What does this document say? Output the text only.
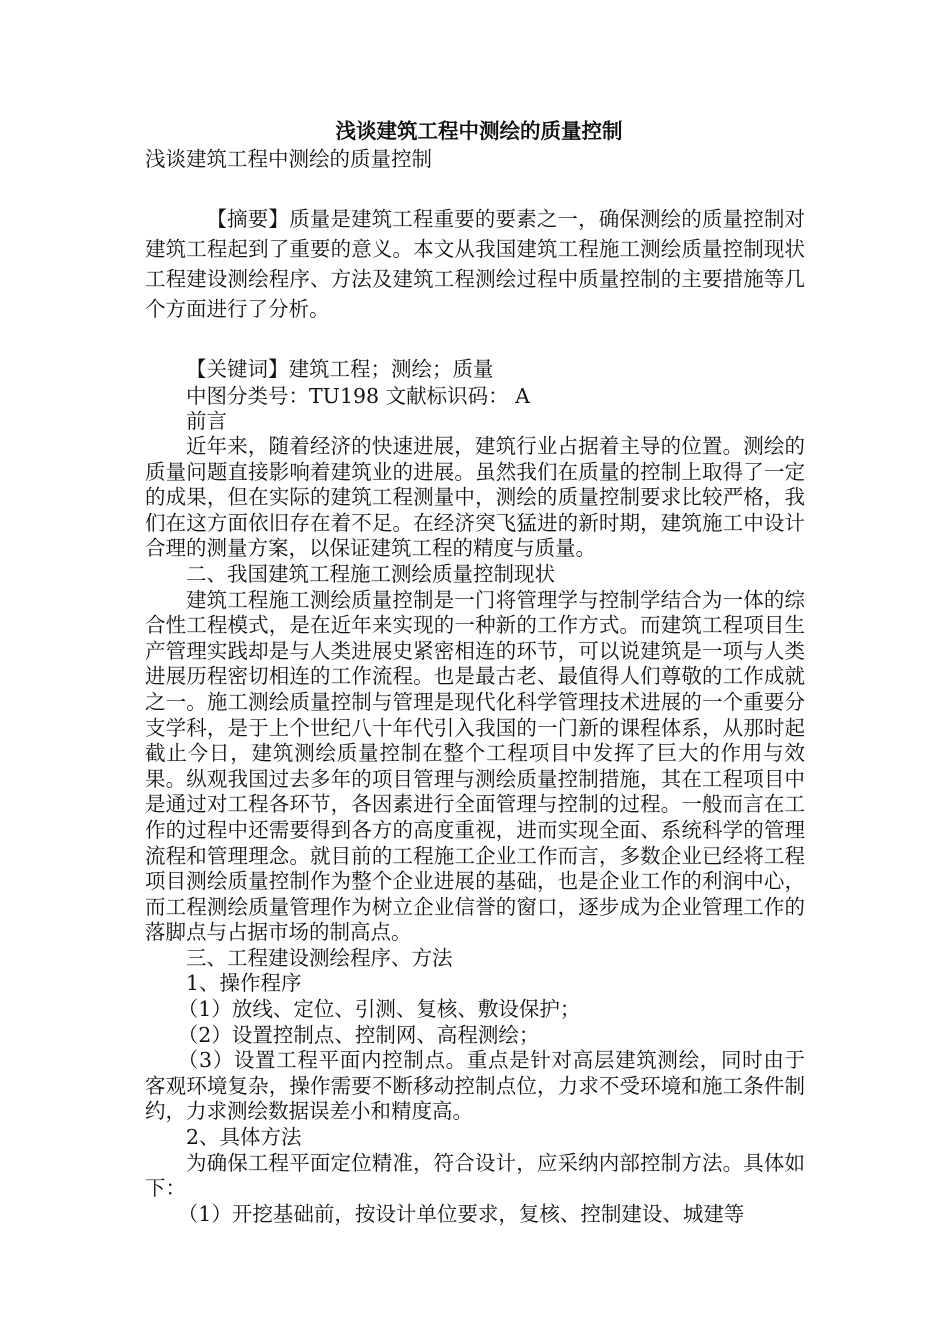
浅谈建筑工程中测绘的质量控制

浅谈建筑工程中测绘的质量控制

【摘要】质量是建筑工程重要的要素之一，确保测绘的质量控制对建筑工程起到了重要的意义。本文从我国建筑工程施工测绘质量控制现状工程建设测绘程序、方法及建筑工程测绘过程中质量控制的主要措施等几个方面进行了分析。

【关键词】建筑工程；测绘；质量

中图分类号：TU198 文献标识码： A

前言

近年来，随着经济的快速进展，建筑行业占据着主导的位置。测绘的质量问题直接影响着建筑业的进展。虽然我们在质量的控制上取得了一定的成果，但在实际的建筑工程测量中，测绘的质量控制要求比较严格，我们在这方面依旧存在着不足。在经济突飞猛进的新时期，建筑施工中设计合理的测量方案，以保证建筑工程的精度与质量。

二、我国建筑工程施工测绘质量控制现状

建筑工程施工测绘质量控制是一门将管理学与控制学结合为一体的综合性工程模式，是在近年来实现的一种新的工作方式。而建筑工程项目生产管理实践却是与人类进展史紧密相连的环节，可以说建筑是一项与人类进展历程密切相连的工作流程。也是最古老、最值得人们尊敬的工作成就之一。施工测绘质量控制与管理是现代化科学管理技术进展的一个重要分支学科，是于上个世纪八十年代引入我国的一门新的课程体系，从那时起截止今日，建筑测绘质量控制在整个工程项目中发挥了巨大的作用与效果。纵观我国过去多年的项目管理与测绘质量控制措施，其在工程项目中是通过对工程各环节，各因素进行全面管理与控制的过程。一般而言在工作的过程中还需要得到各方的高度重视，进而实现全面、系统科学的管理流程和管理理念。就目前的工程施工企业工作而言，多数企业已经将工程项目测绘质量控制作为整个企业进展的基础，也是企业工作的利润中心，而工程测绘质量管理作为树立企业信誉的窗口，逐步成为企业管理工作的落脚点与占据市场的制高点。

三、工程建设测绘程序、方法

1、操作程序

（1）放线、定位、引测、复核、敷设保护；

（2）设置控制点、控制网、高程测绘；

（3）设置工程平面内控制点。重点是针对高层建筑测绘，同时由于客观环境复杂，操作需要不断移动控制点位，力求不受环境和施工条件制约，力求测绘数据误差小和精度高。

2、具体方法

为确保工程平面定位精准，符合设计，应采纳内部控制方法。具体如下：

（1）开挖基础前，按设计单位要求，复核、控制建设、城建等
